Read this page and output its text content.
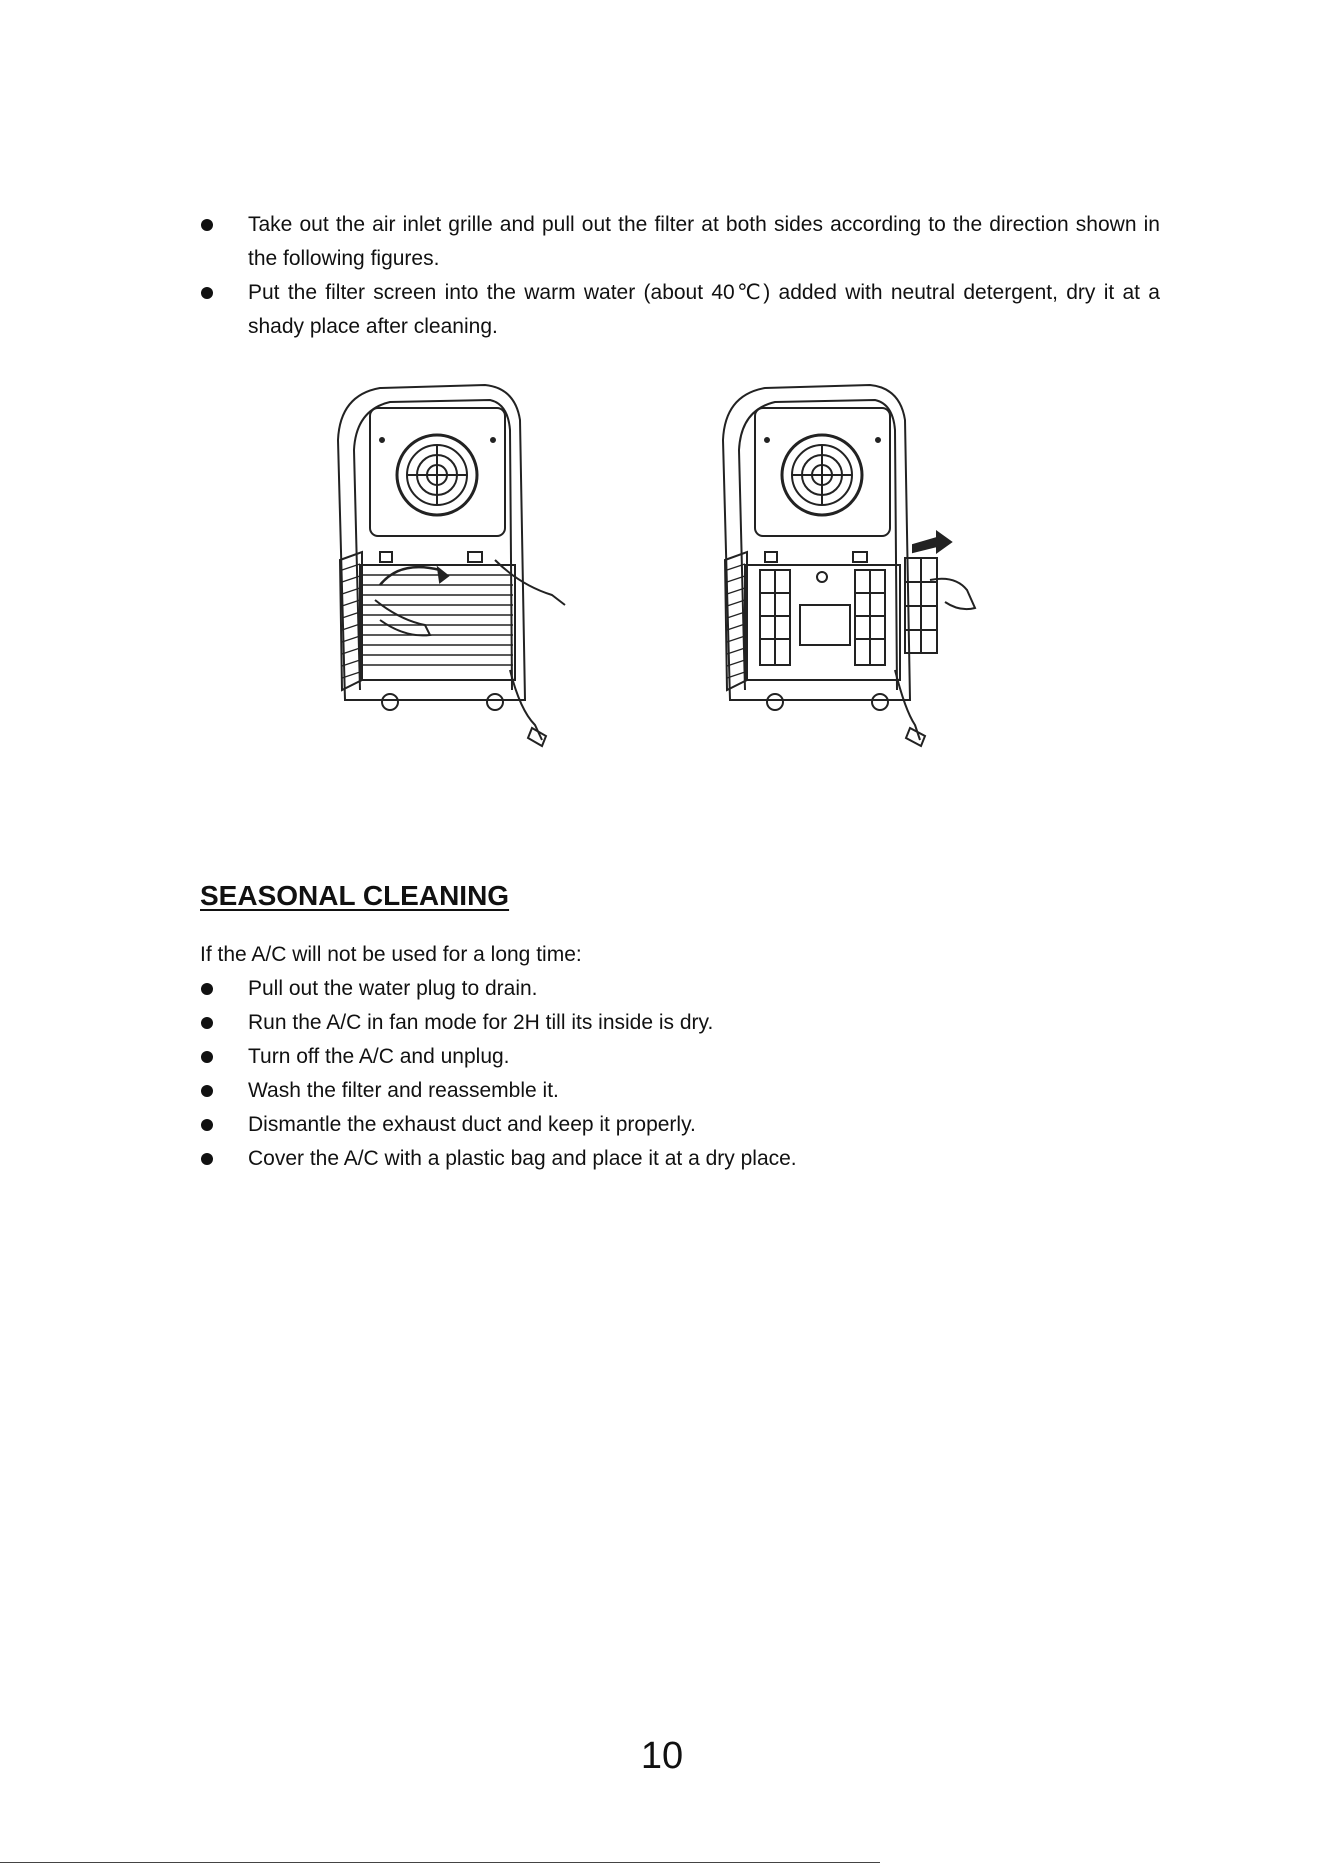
Take out the air inlet grille and pull out the filter at both sides according to the direction shown in the following figures.
Put the filter screen into the warm water (about 40℃) added with neutral detergent, dry it at a shady place after cleaning.
SEASONAL CLEANING

If the A/C will not be used for a long time:

Pull out the water plug to drain.
Run the A/C in fan mode for 2H till its inside is dry.
Turn off the A/C and unplug.
Wash the filter and reassemble it.
Dismantle the exhaust duct and keep it properly.
Cover the A/C with a plastic bag and place it at a dry place.
10
